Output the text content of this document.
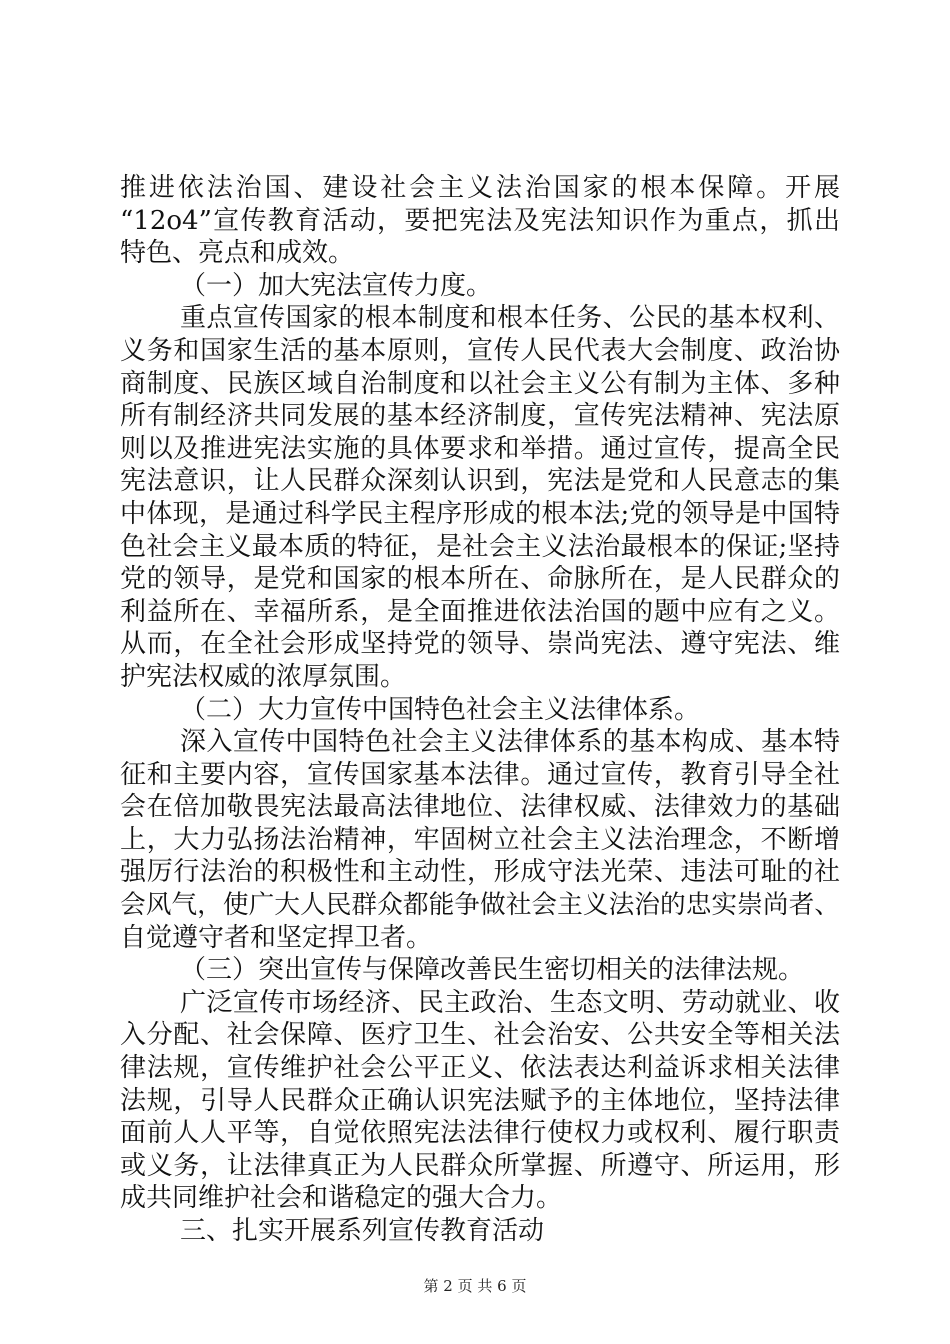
推进依法治国、建设社会主义法治国家的根本保障。开展
“12o4”宣传教育活动，要把宪法及宪法知识作为重点，抓出
特色、亮点和成效。
（一）加大宪法宣传力度。
重点宣传国家的根本制度和根本任务、公民的基本权利、
义务和国家生活的基本原则，宣传人民代表大会制度、政治协
商制度、民族区域自治制度和以社会主义公有制为主体、多种
所有制经济共同发展的基本经济制度，宣传宪法精神、宪法原
则以及推进宪法实施的具体要求和举措。通过宣传，提高全民
宪法意识，让人民群众深刻认识到，宪法是党和人民意志的集
中体现，是通过科学民主程序形成的根本法;党的领导是中国特
色社会主义最本质的特征，是社会主义法治最根本的保证;坚持
党的领导，是党和国家的根本所在、命脉所在，是人民群众的
利益所在、幸福所系，是全面推进依法治国的题中应有之义。
从而，在全社会形成坚持党的领导、崇尚宪法、遵守宪法、维
护宪法权威的浓厚氛围。
（二）大力宣传中国特色社会主义法律体系。
深入宣传中国特色社会主义法律体系的基本构成、基本特
征和主要内容，宣传国家基本法律。通过宣传，教育引导全社
会在倍加敬畏宪法最高法律地位、法律权威、法律效力的基础
上，大力弘扬法治精神，牢固树立社会主义法治理念，不断增
强厉行法治的积极性和主动性，形成守法光荣、违法可耻的社
会风气，使广大人民群众都能争做社会主义法治的忠实崇尚者、
自觉遵守者和坚定捍卫者。
（三）突出宣传与保障改善民生密切相关的法律法规。
广泛宣传市场经济、民主政治、生态文明、劳动就业、收
入分配、社会保障、医疗卫生、社会治安、公共安全等相关法
律法规，宣传维护社会公平正义、依法表达利益诉求相关法律
法规，引导人民群众正确认识宪法赋予的主体地位，坚持法律
面前人人平等，自觉依照宪法法律行使权力或权利、履行职责
或义务，让法律真正为人民群众所掌握、所遵守、所运用，形
成共同维护社会和谐稳定的强大合力。
三、扎实开展系列宣传教育活动
第 2 页 共 6 页
